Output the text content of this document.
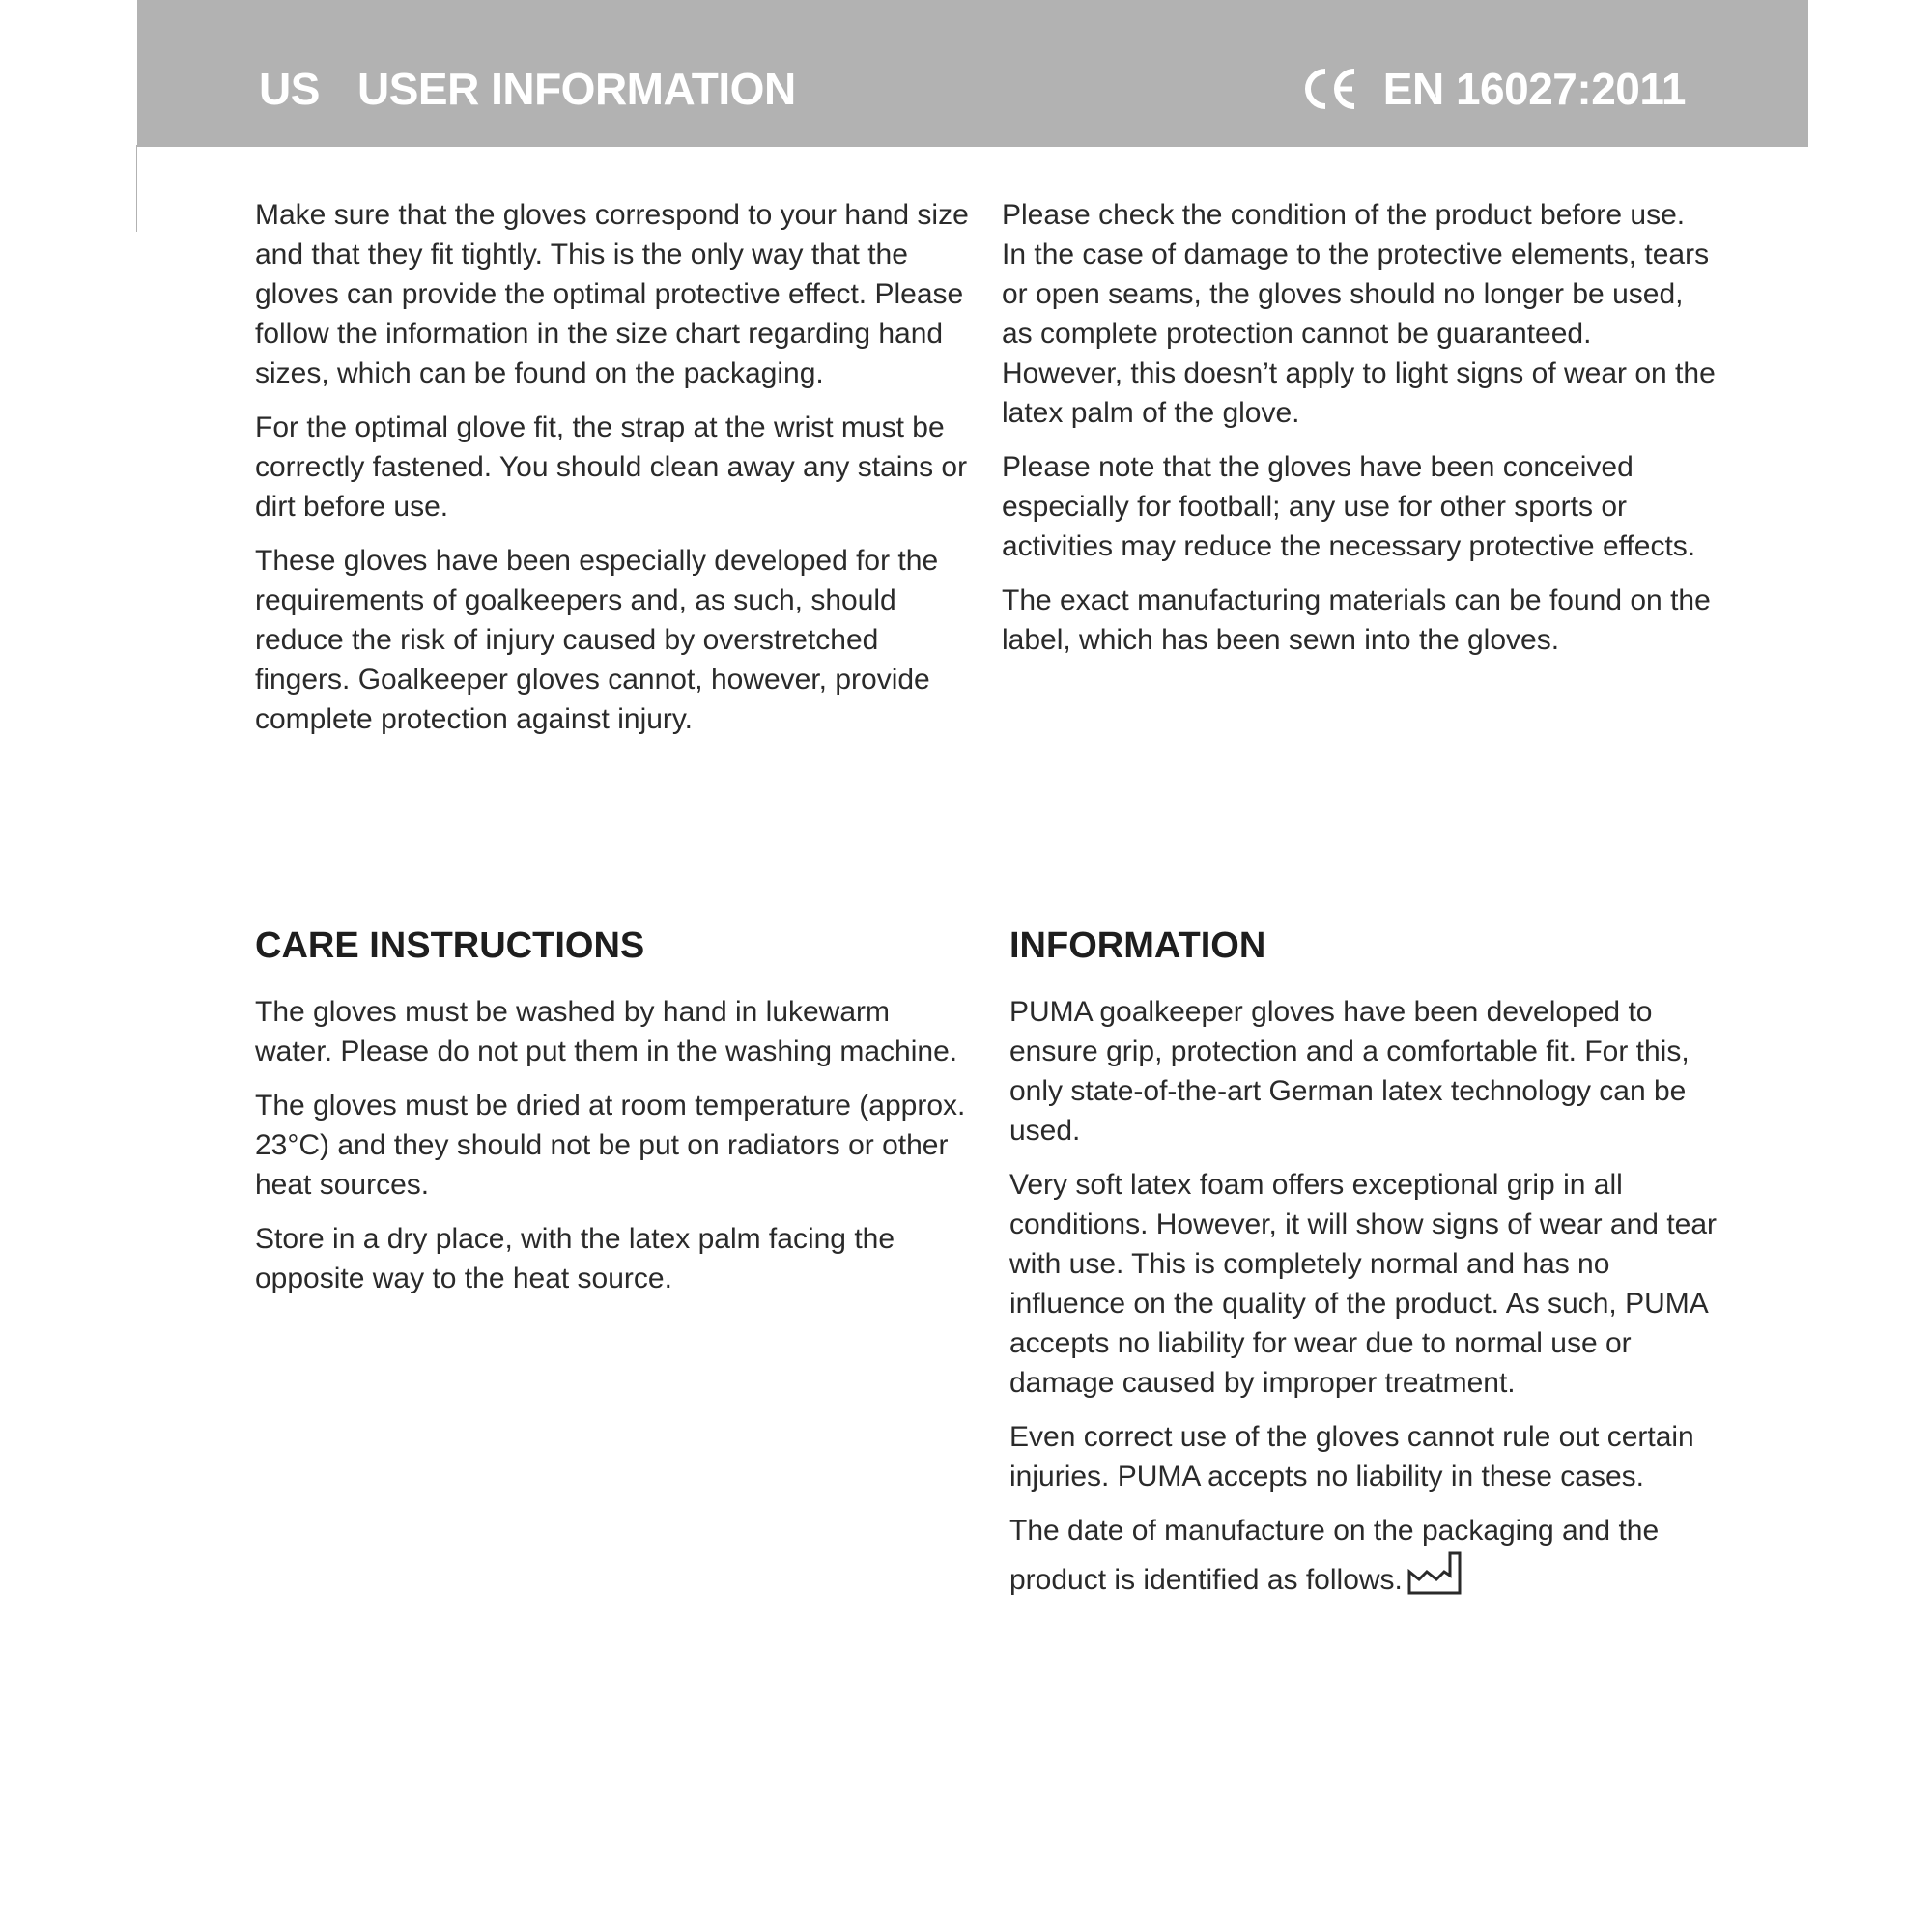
US USER INFORMATION	EN 16027:2011

Make sure that the gloves correspond to your hand size and that they fit tightly. This is the only way that the gloves can provide the optimal protective effect. Please follow the information in the size chart regarding hand sizes, which can be found on the packaging.

For the optimal glove fit, the strap at the wrist must be correctly fastened. You should clean away any stains or dirt before use.

These gloves have been especially developed for the requirements of goalkeepers and, as such, should reduce the risk of injury caused by overstretched fingers. Goalkeeper gloves cannot, however, provide complete protection against injury.

Please check the condition of the product before use. In the case of damage to the protective elements, tears or open seams, the gloves should no longer be used, as complete protection cannot be guaranteed. However, this doesn’t apply to light signs of wear on the latex palm of the glove.

Please note that the gloves have been conceived especially for football; any use for other sports or activities may reduce the necessary protective effects.

The exact manufacturing materials can be found on the label, which has been sewn into the gloves.

CARE INSTRUCTIONS

The gloves must be washed by hand in lukewarm water. Please do not put them in the washing machine.

The gloves must be dried at room temperature (approx. 23°C) and they should not be put on radiators or other heat sources.

Store in a dry place, with the latex palm facing the opposite way to the heat source.

INFORMATION

PUMA goalkeeper gloves have been developed to ensure grip, protection and a comfortable fit. For this, only state-of-the-art German latex technology can be used.

Very soft latex foam offers exceptional grip in all conditions. However, it will show signs of wear and tear with use. This is completely normal and has no influence on the quality of the product. As such, PUMA accepts no liability for wear due to normal use or damage caused by improper treatment.

Even correct use of the gloves cannot rule out certain injuries. PUMA accepts no liability in these cases.

The date of manufacture on the packaging and the product is identified as follows.
